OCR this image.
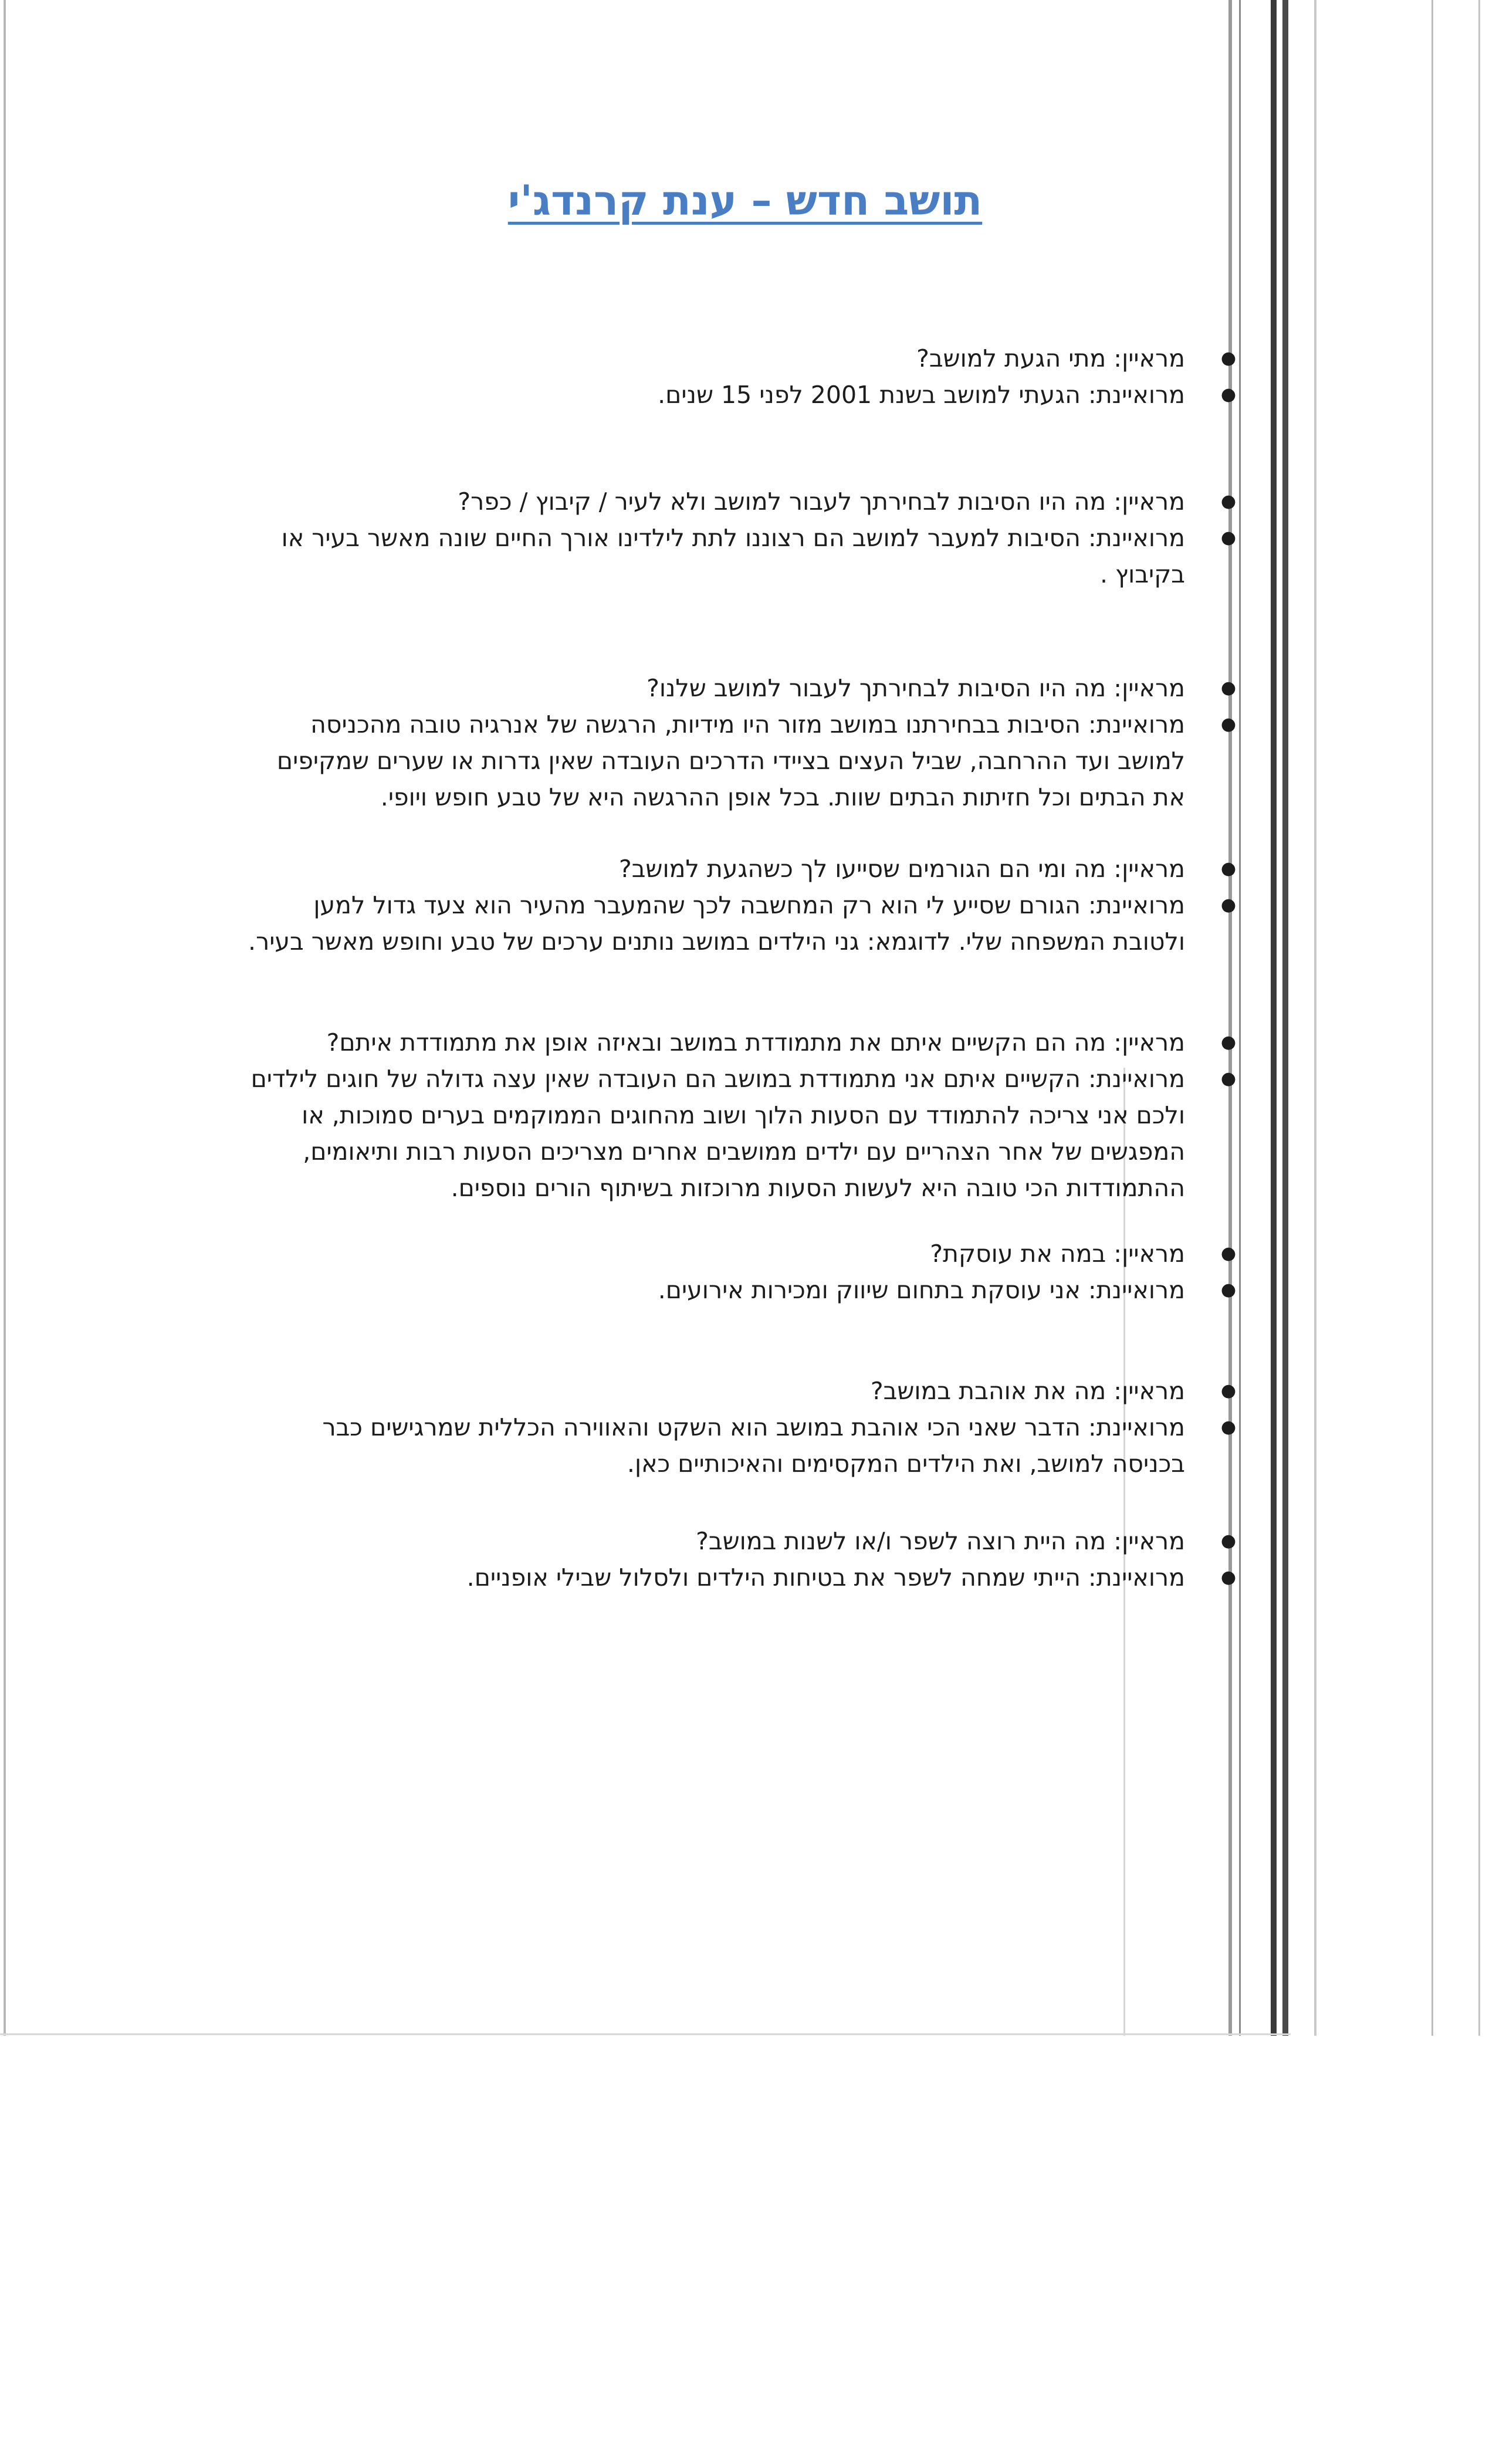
תושב חדש – ענת קרנדג'י
●
מראיין: מתי הגעת למושב?
●
מרואיינת: הגעתי למושב בשנת 2001 לפני 15 שנים.
●
מראיין: מה היו הסיבות לבחירתך לעבור למושב ולא לעיר / קיבוץ / כפר?
●
מרואיינת: הסיבות למעבר למושב הם רצוננו לתת לילדינו אורך החיים שונה מאשר בעיר או בקיבוץ .
●
מראיין: מה היו הסיבות לבחירתך לעבור למושב שלנו?
●
מרואיינת: הסיבות בבחירתנו במושב מזור היו מידיות, הרגשה של אנרגיה טובה מהכניסה למושב ועד ההרחבה, שביל העצים בציידי הדרכים העובדה שאין גדרות או שערים שמקיפים את הבתים וכל חזיתות הבתים שוות. בכל אופן ההרגשה היא של טבע חופש ויופי.
●
מראיין: מה ומי הם הגורמים שסייעו לך כשהגעת למושב?
●
מרואיינת: הגורם שסייע לי הוא רק המחשבה לכך שהמעבר מהעיר הוא צעד גדול למען ולטובת המשפחה שלי. לדוגמא: גני הילדים במושב נותנים ערכים של טבע וחופש מאשר בעיר.
●
מראיין: מה הם הקשיים איתם את מתמודדת במושב ובאיזה אופן את מתמודדת איתם?
●
מרואיינת: הקשיים איתם אני מתמודדת במושב הם העובדה שאין עצה גדולה של חוגים לילדים ולכם אני צריכה להתמודד עם הסעות הלוך ושוב מהחוגים הממוקמים בערים סמוכות, או המפגשים של אחר הצהריים עם ילדים ממושבים אחרים מצריכים הסעות רבות ותיאומים, ההתמודדות הכי טובה היא לעשות הסעות מרוכזות בשיתוף הורים נוספים.
●
מראיין: במה את עוסקת?
●
מרואיינת: אני עוסקת בתחום שיווק ומכירות אירועים.
●
מראיין: מה את אוהבת במושב?
●
מרואיינת: הדבר שאני הכי אוהבת במושב הוא השקט והאווירה הכללית שמרגישים כבר בכניסה למושב, ואת הילדים המקסימים והאיכותיים כאן.
●
מראיין: מה היית רוצה לשפר ו/או לשנות במושב?
●
מרואיינת: הייתי שמחה לשפר את בטיחות הילדים ולסלול שבילי אופניים.
